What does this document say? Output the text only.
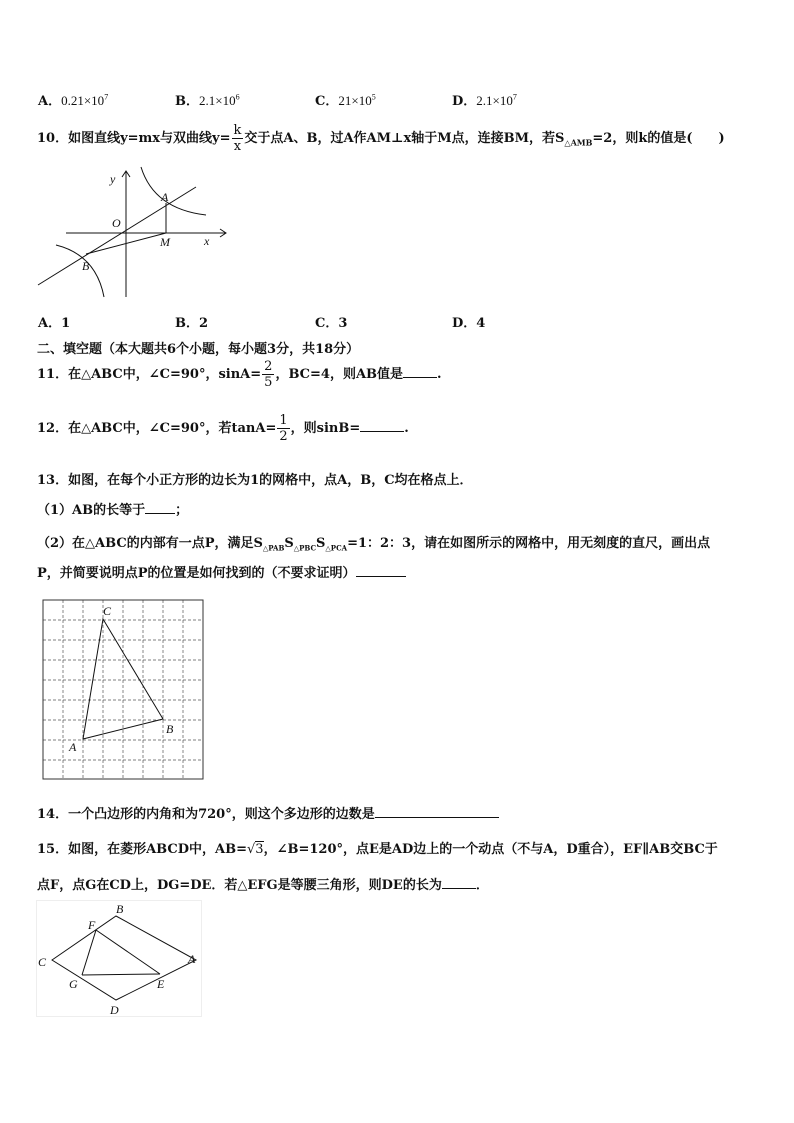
A．$0.21\times 10^7$	B．$2.1\times 10^6$	C．$21\times 10^5$	D．$2.1\times 10^7$
10．如图直线y=mx与双曲线$y= \frac{k}{x}$ 交于点A、B，过A作AM⊥x轴于M点，连接BM，若$S_{\triangle AMB}=2$，则k的值是(　　)
y
x
O
A
M
B
A．1	B．2	C．3	D．4
二、填空题（本大题共6个小题，每小题3分，共18分）
11．在△ABC中，∠C=90°，$\sin A= \frac{2}{5}$ ，BC=4，则AB值是	.
12．在△ABC中，∠C=90°，若$\tan A= \frac{1}{2}$ ，则sinB=	.
13．如图，在每个小正方形的边长为1的网格中，点A，B，C均在格点上．
（1）AB的长等于 ；
（2）在△ABC的内部有一点P，满足$S_{\triangle PAB}S_{\triangle PBC}S_{\triangle PCA}=1$：2：3，请在如图所示的网格中，用无刻度的直尺，画出点
P，并简要说明点P的位置是如何找到的（不要求证明）
C
B
A
14．一个凸边形的内角和为720°，则这个多边形的边数是
15．如图，在菱形ABCD中，AB=√3，∠B=120°，点E是AD边上的一个动点（不与A，D重合），EF∥AB交BC于
点F，点G在CD上，DG=DE．若△EFG是等腰三角形，则DE的长为	．
B
F
C	A
G	E
D
